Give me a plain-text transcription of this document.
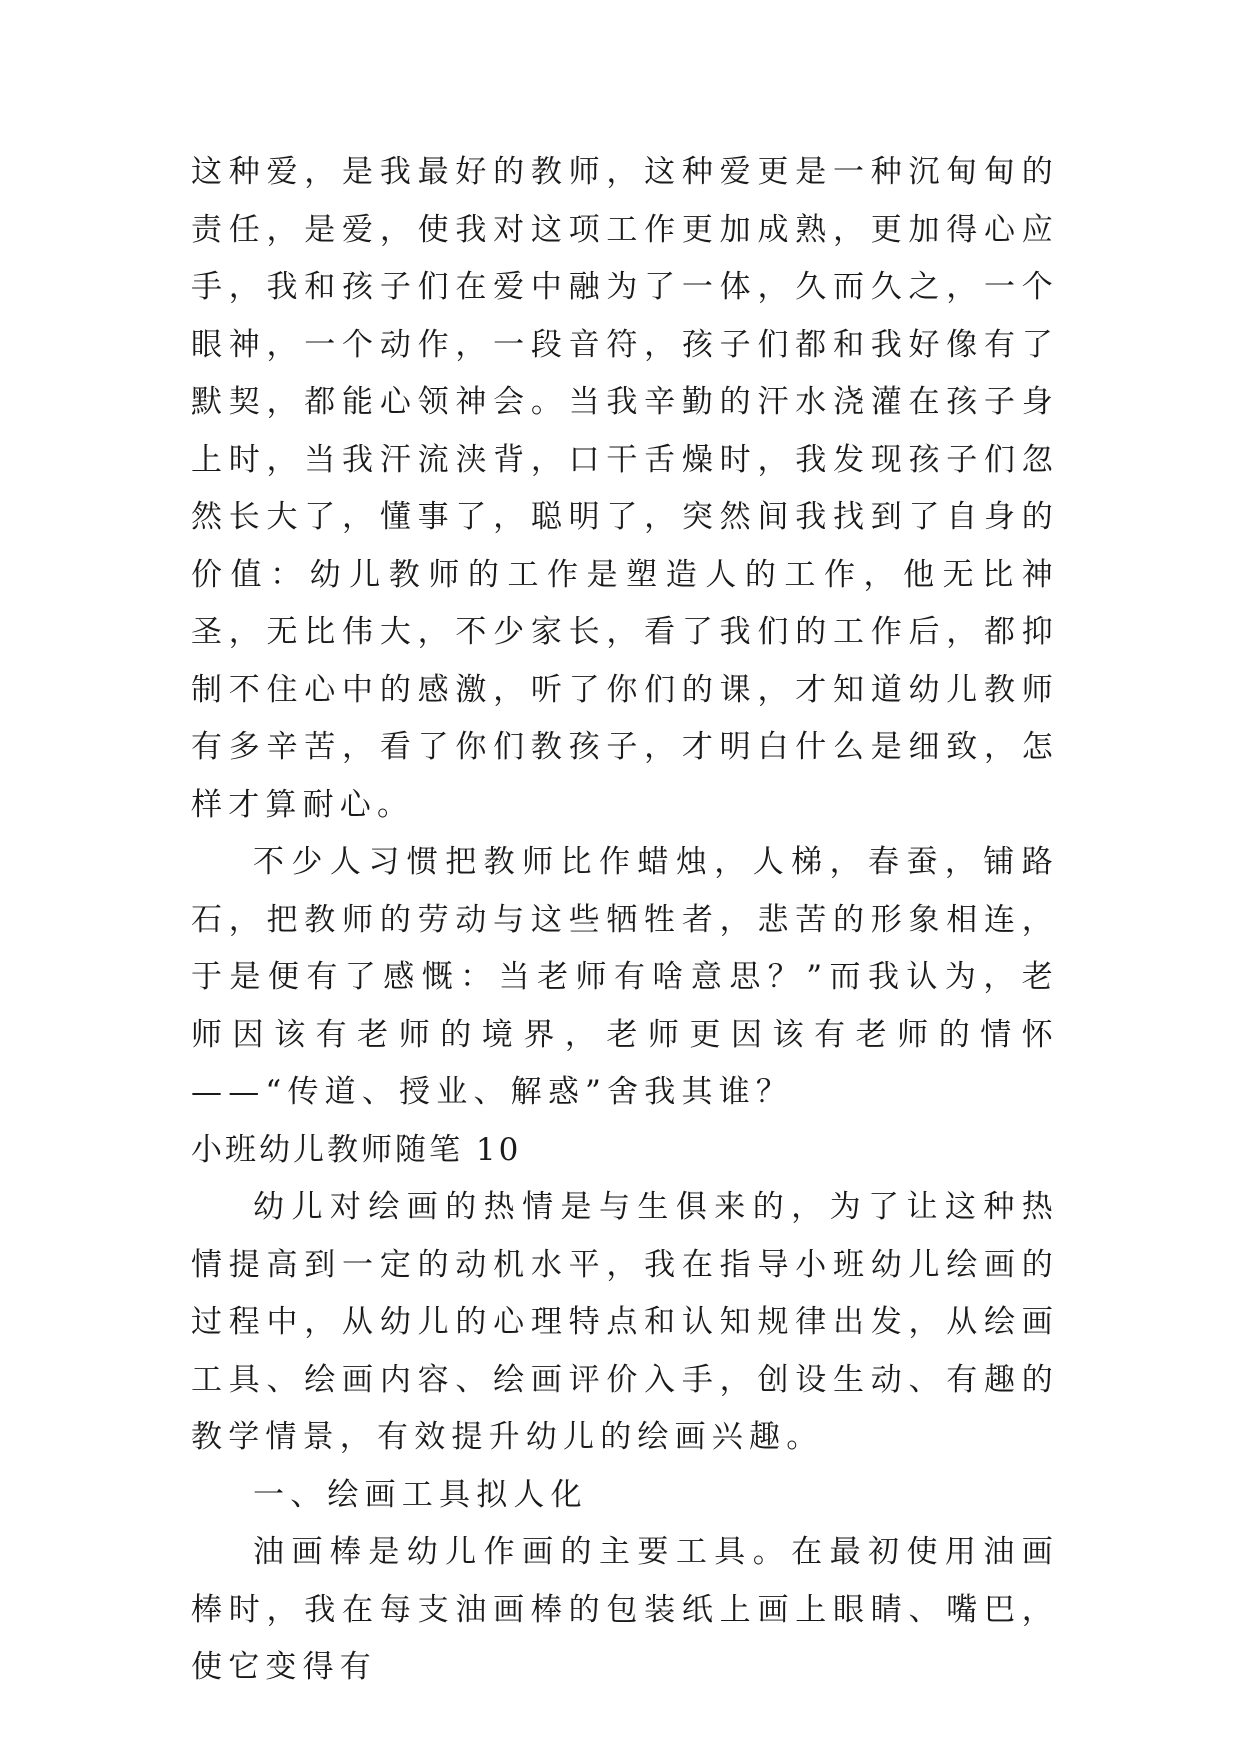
这种爱，是我最好的教师，这种爱更是一种沉甸甸的责任，是爱，使我对这项工作更加成熟，更加得心应手，我和孩子们在爱中融为了一体，久而久之，一个眼神，一个动作，一段音符，孩子们都和我好像有了默契，都能心领神会。当我辛勤的汗水浇灌在孩子身上时，当我汗流浃背，口干舌燥时，我发现孩子们忽然长大了，懂事了，聪明了，突然间我找到了自身的价值：幼儿教师的工作是塑造人的工作，他无比神圣，无比伟大，不少家长，看了我们的工作后，都抑制不住心中的感激，听了你们的课，才知道幼儿教师有多辛苦，看了你们教孩子，才明白什么是细致，怎样才算耐心。

不少人习惯把教师比作蜡烛，人梯，春蚕，铺路石，把教师的劳动与这些牺牲者，悲苦的形象相连，于是便有了感慨：当老师有啥意思？”而我认为，老师因该有老师的境界，老师更因该有老师的情怀——“传道、授业、解惑”舍我其谁？

小班幼儿教师随笔 10

幼儿对绘画的热情是与生俱来的，为了让这种热情提高到一定的动机水平，我在指导小班幼儿绘画的过程中，从幼儿的心理特点和认知规律出发，从绘画工具、绘画内容、绘画评价入手，创设生动、有趣的教学情景，有效提升幼儿的绘画兴趣。

一、绘画工具拟人化

油画棒是幼儿作画的主要工具。在最初使用油画棒时，我在每支油画棒的包装纸上画上眼睛、嘴巴， 使它变得有
